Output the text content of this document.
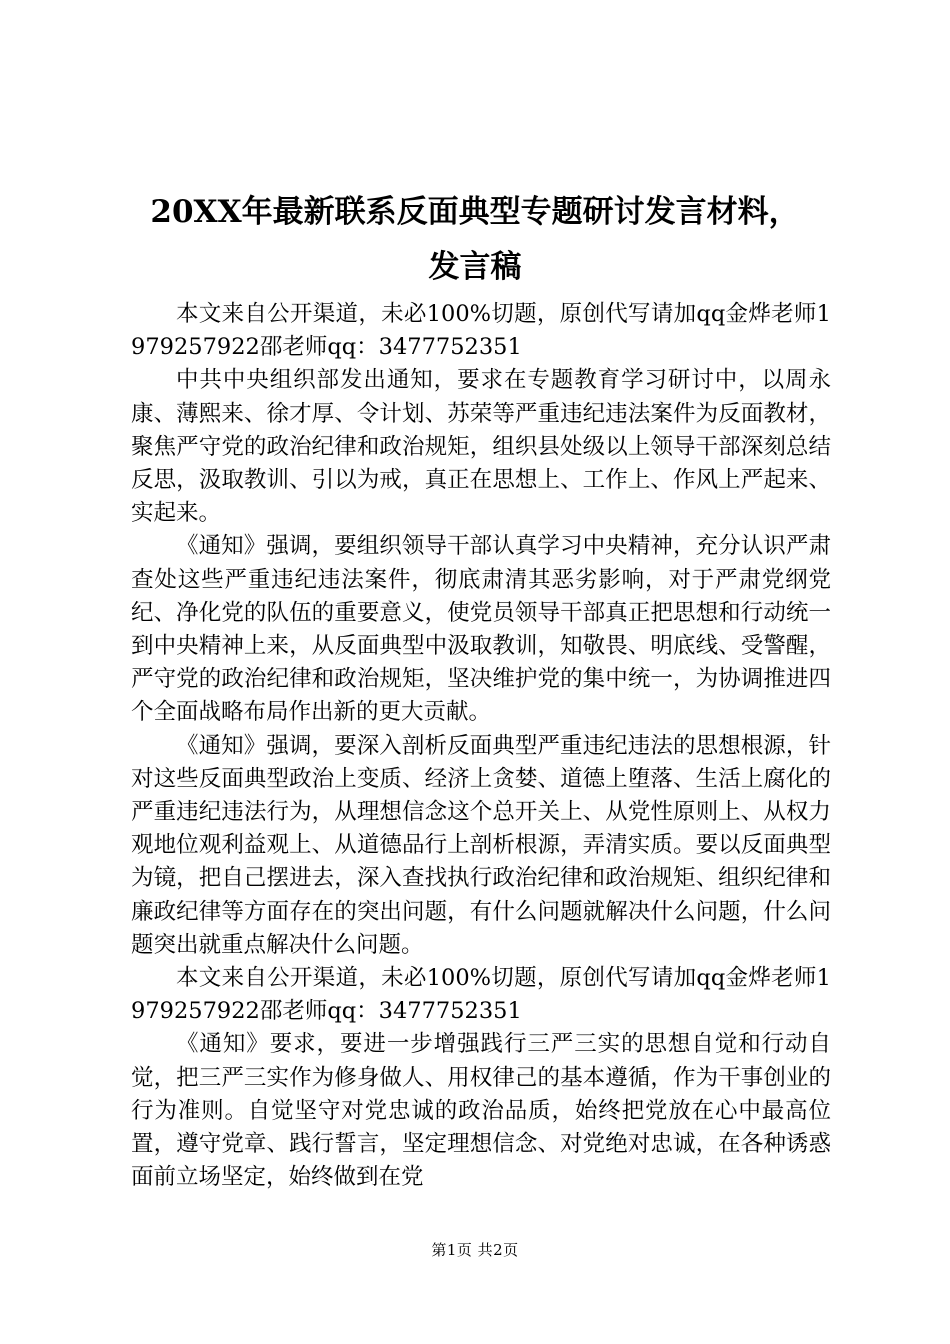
20XX年最新联系反面典型专题研讨发言材料，
发言稿

本文来自公开渠道，未必100%切题，原创代写请加qq金烨老师1979257922邵老师qq：3477752351

中共中央组织部发出通知，要求在专题教育学习研讨中，以周永康、薄熙来、徐才厚、令计划、苏荣等严重违纪违法案件为反面教材，聚焦严守党的政治纪律和政治规矩，组织县处级以上领导干部深刻总结反思，汲取教训、引以为戒，真正在思想上、工作上、作风上严起来、实起来。

《通知》强调，要组织领导干部认真学习中央精神，充分认识严肃查处这些严重违纪违法案件，彻底肃清其恶劣影响，对于严肃党纲党纪、净化党的队伍的重要意义，使党员领导干部真正把思想和行动统一到中央精神上来，从反面典型中汲取教训，知敬畏、明底线、受警醒，严守党的政治纪律和政治规矩，坚决维护党的集中统一，为协调推进四个全面战略布局作出新的更大贡献。

《通知》强调，要深入剖析反面典型严重违纪违法的思想根源，针对这些反面典型政治上变质、经济上贪婪、道德上堕落、生活上腐化的严重违纪违法行为，从理想信念这个总开关上、从党性原则上、从权力观地位观利益观上、从道德品行上剖析根源，弄清实质。要以反面典型为镜，把自己摆进去，深入查找执行政治纪律和政治规矩、组织纪律和廉政纪律等方面存在的突出问题，有什么问题就解决什么问题，什么问题突出就重点解决什么问题。

本文来自公开渠道，未必100%切题，原创代写请加qq金烨老师1979257922邵老师qq：3477752351

《通知》要求，要进一步增强践行三严三实的思想自觉和行动自觉，把三严三实作为修身做人、用权律己的基本遵循，作为干事创业的行为准则。自觉坚守对党忠诚的政治品质，始终把党放在心中最高位置，遵守党章、践行誓言，坚定理想信念、对党绝对忠诚，在各种诱惑面前立场坚定，始终做到在党

第1页 共2页
